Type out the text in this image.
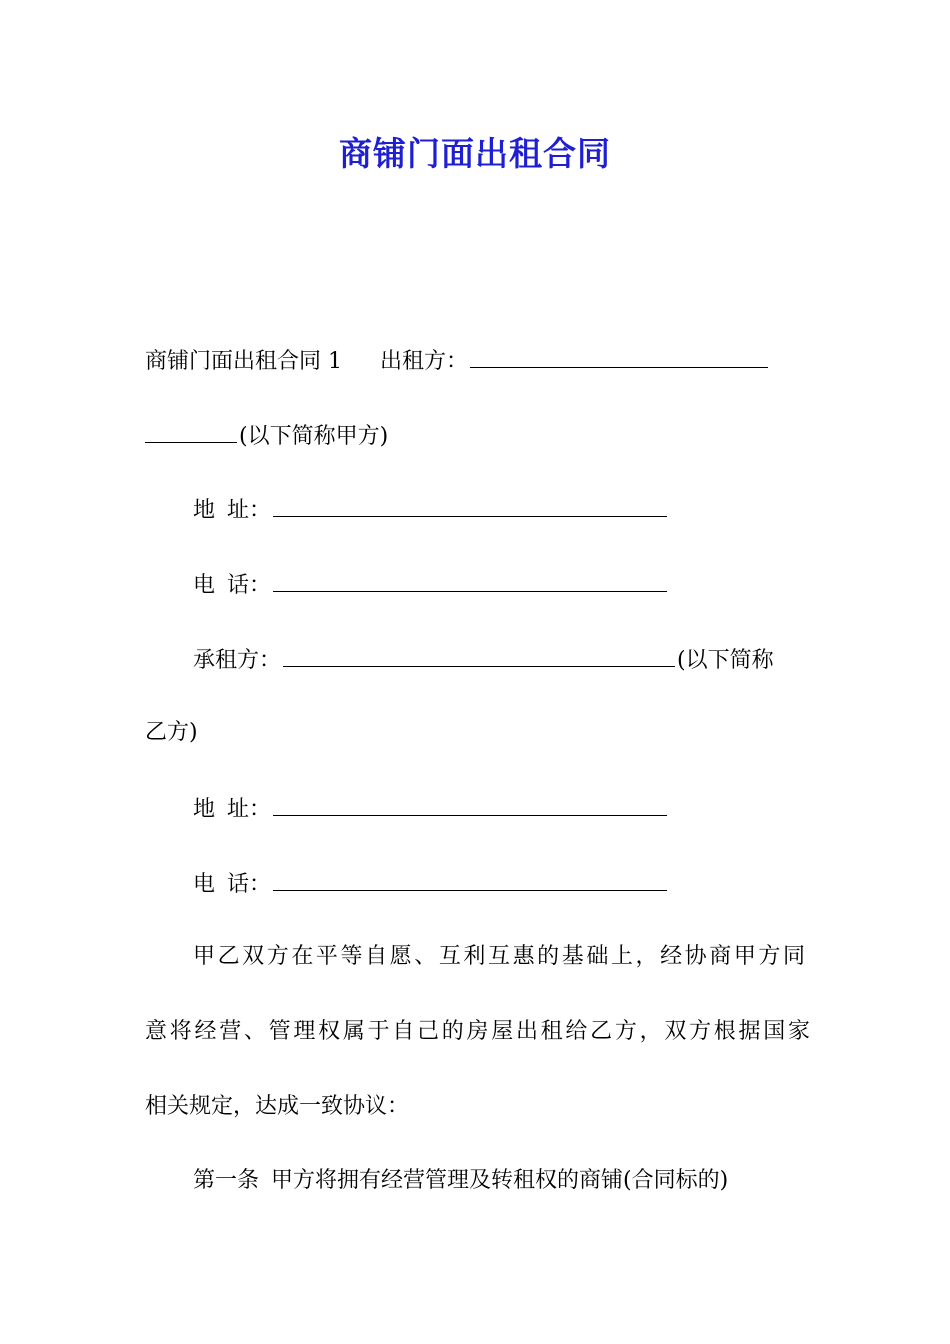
商铺门面出租合同
商铺门面出租合同 1 出租方：
(以下简称甲方)
地 址：
电 话：
承租方：	(以下简称
乙方)
地 址：
电 话：
甲乙双方在平等自愿、互利互惠的基础上，经协商甲方同
意将经营、管理权属于自己的房屋出租给乙方，双方根据国家
相关规定，达成一致协议：
第一条 甲方将拥有经营管理及转租权的商铺(合同标的)
